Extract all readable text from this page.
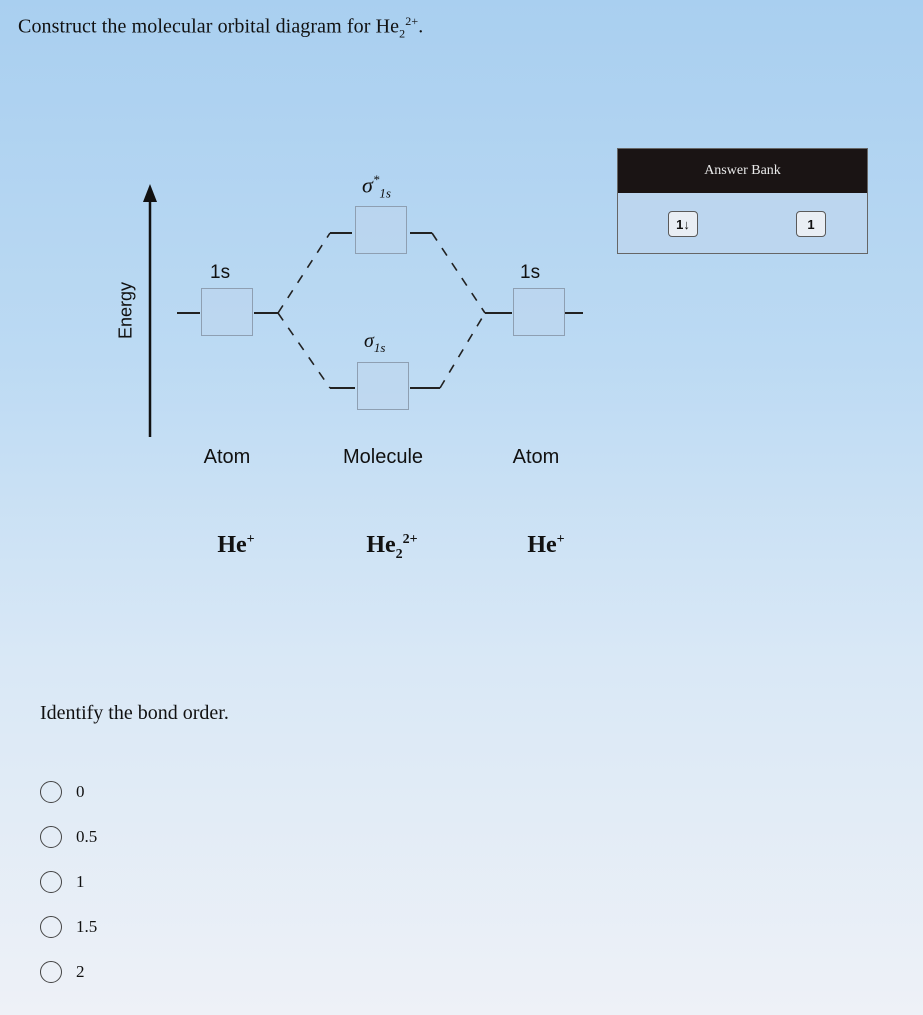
Construct the molecular orbital diagram for $He_2^{2+}$.
Energy
1s	1s
$\sigma^*_{1s}$
$\sigma_{1s}$
Atom	Molecule	Atom
He+	$He_2^{2+}$	He+
Answer Bank
1↓	1
Identify the bond order.
0
0.5
1
1.5
2
